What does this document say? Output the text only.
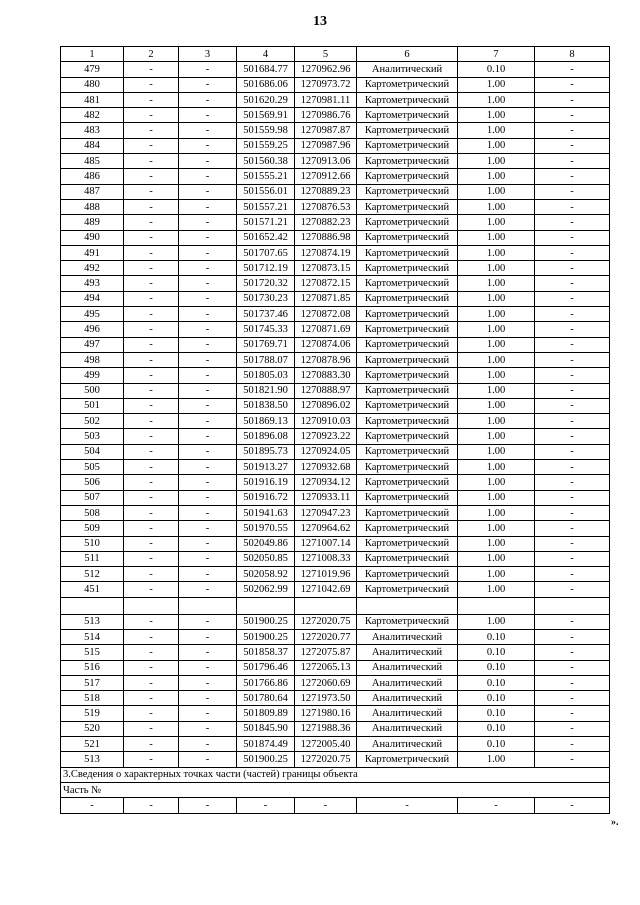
13
1	2	3	4	5	6	7	8
479	-	-	501684.77	1270962.96	Аналитический	0.10	-
480	-	-	501686.06	1270973.72	Картометрический	1.00	-
481	-	-	501620.29	1270981.11	Картометрический	1.00	-
482	-	-	501569.91	1270986.76	Картометрический	1.00	-
483	-	-	501559.98	1270987.87	Картометрический	1.00	-
484	-	-	501559.25	1270987.96	Картометрический	1.00	-
485	-	-	501560.38	1270913.06	Картометрический	1.00	-
486	-	-	501555.21	1270912.66	Картометрический	1.00	-
487	-	-	501556.01	1270889.23	Картометрический	1.00	-
488	-	-	501557.21	1270876.53	Картометрический	1.00	-
489	-	-	501571.21	1270882.23	Картометрический	1.00	-
490	-	-	501652.42	1270886.98	Картометрический	1.00	-
491	-	-	501707.65	1270874.19	Картометрический	1.00	-
492	-	-	501712.19	1270873.15	Картометрический	1.00	-
493	-	-	501720.32	1270872.15	Картометрический	1.00	-
494	-	-	501730.23	1270871.85	Картометрический	1.00	-
495	-	-	501737.46	1270872.08	Картометрический	1.00	-
496	-	-	501745.33	1270871.69	Картометрический	1.00	-
497	-	-	501769.71	1270874.06	Картометрический	1.00	-
498	-	-	501788.07	1270878.96	Картометрический	1.00	-
499	-	-	501805.03	1270883.30	Картометрический	1.00	-
500	-	-	501821.90	1270888.97	Картометрический	1.00	-
501	-	-	501838.50	1270896.02	Картометрический	1.00	-
502	-	-	501869.13	1270910.03	Картометрический	1.00	-
503	-	-	501896.08	1270923.22	Картометрический	1.00	-
504	-	-	501895.73	1270924.05	Картометрический	1.00	-
505	-	-	501913.27	1270932.68	Картометрический	1.00	-
506	-	-	501916.19	1270934.12	Картометрический	1.00	-
507	-	-	501916.72	1270933.11	Картометрический	1.00	-
508	-	-	501941.63	1270947.23	Картометрический	1.00	-
509	-	-	501970.55	1270964.62	Картометрический	1.00	-
510	-	-	502049.86	1271007.14	Картометрический	1.00	-
511	-	-	502050.85	1271008.33	Картометрический	1.00	-
512	-	-	502058.92	1271019.96	Картометрический	1.00	-
451	-	-	502062.99	1271042.69	Картометрический	1.00	-

513	-	-	501900.25	1272020.75	Картометрический	1.00	-
514	-	-	501900.25	1272020.77	Аналитический	0.10	-
515	-	-	501858.37	1272075.87	Аналитический	0.10	-
516	-	-	501796.46	1272065.13	Аналитический	0.10	-
517	-	-	501766.86	1272060.69	Аналитический	0.10	-
518	-	-	501780.64	1271973.50	Аналитический	0.10	-
519	-	-	501809.89	1271980.16	Аналитический	0.10	-
520	-	-	501845.90	1271988.36	Аналитический	0.10	-
521	-	-	501874.49	1272005.40	Аналитический	0.10	-
513	-	-	501900.25	1272020.75	Картометрический	1.00	-
3.Сведения о характерных точках части (частей) границы объекта							
Часть №							
-	-	-	-	-	-	-	-
».
